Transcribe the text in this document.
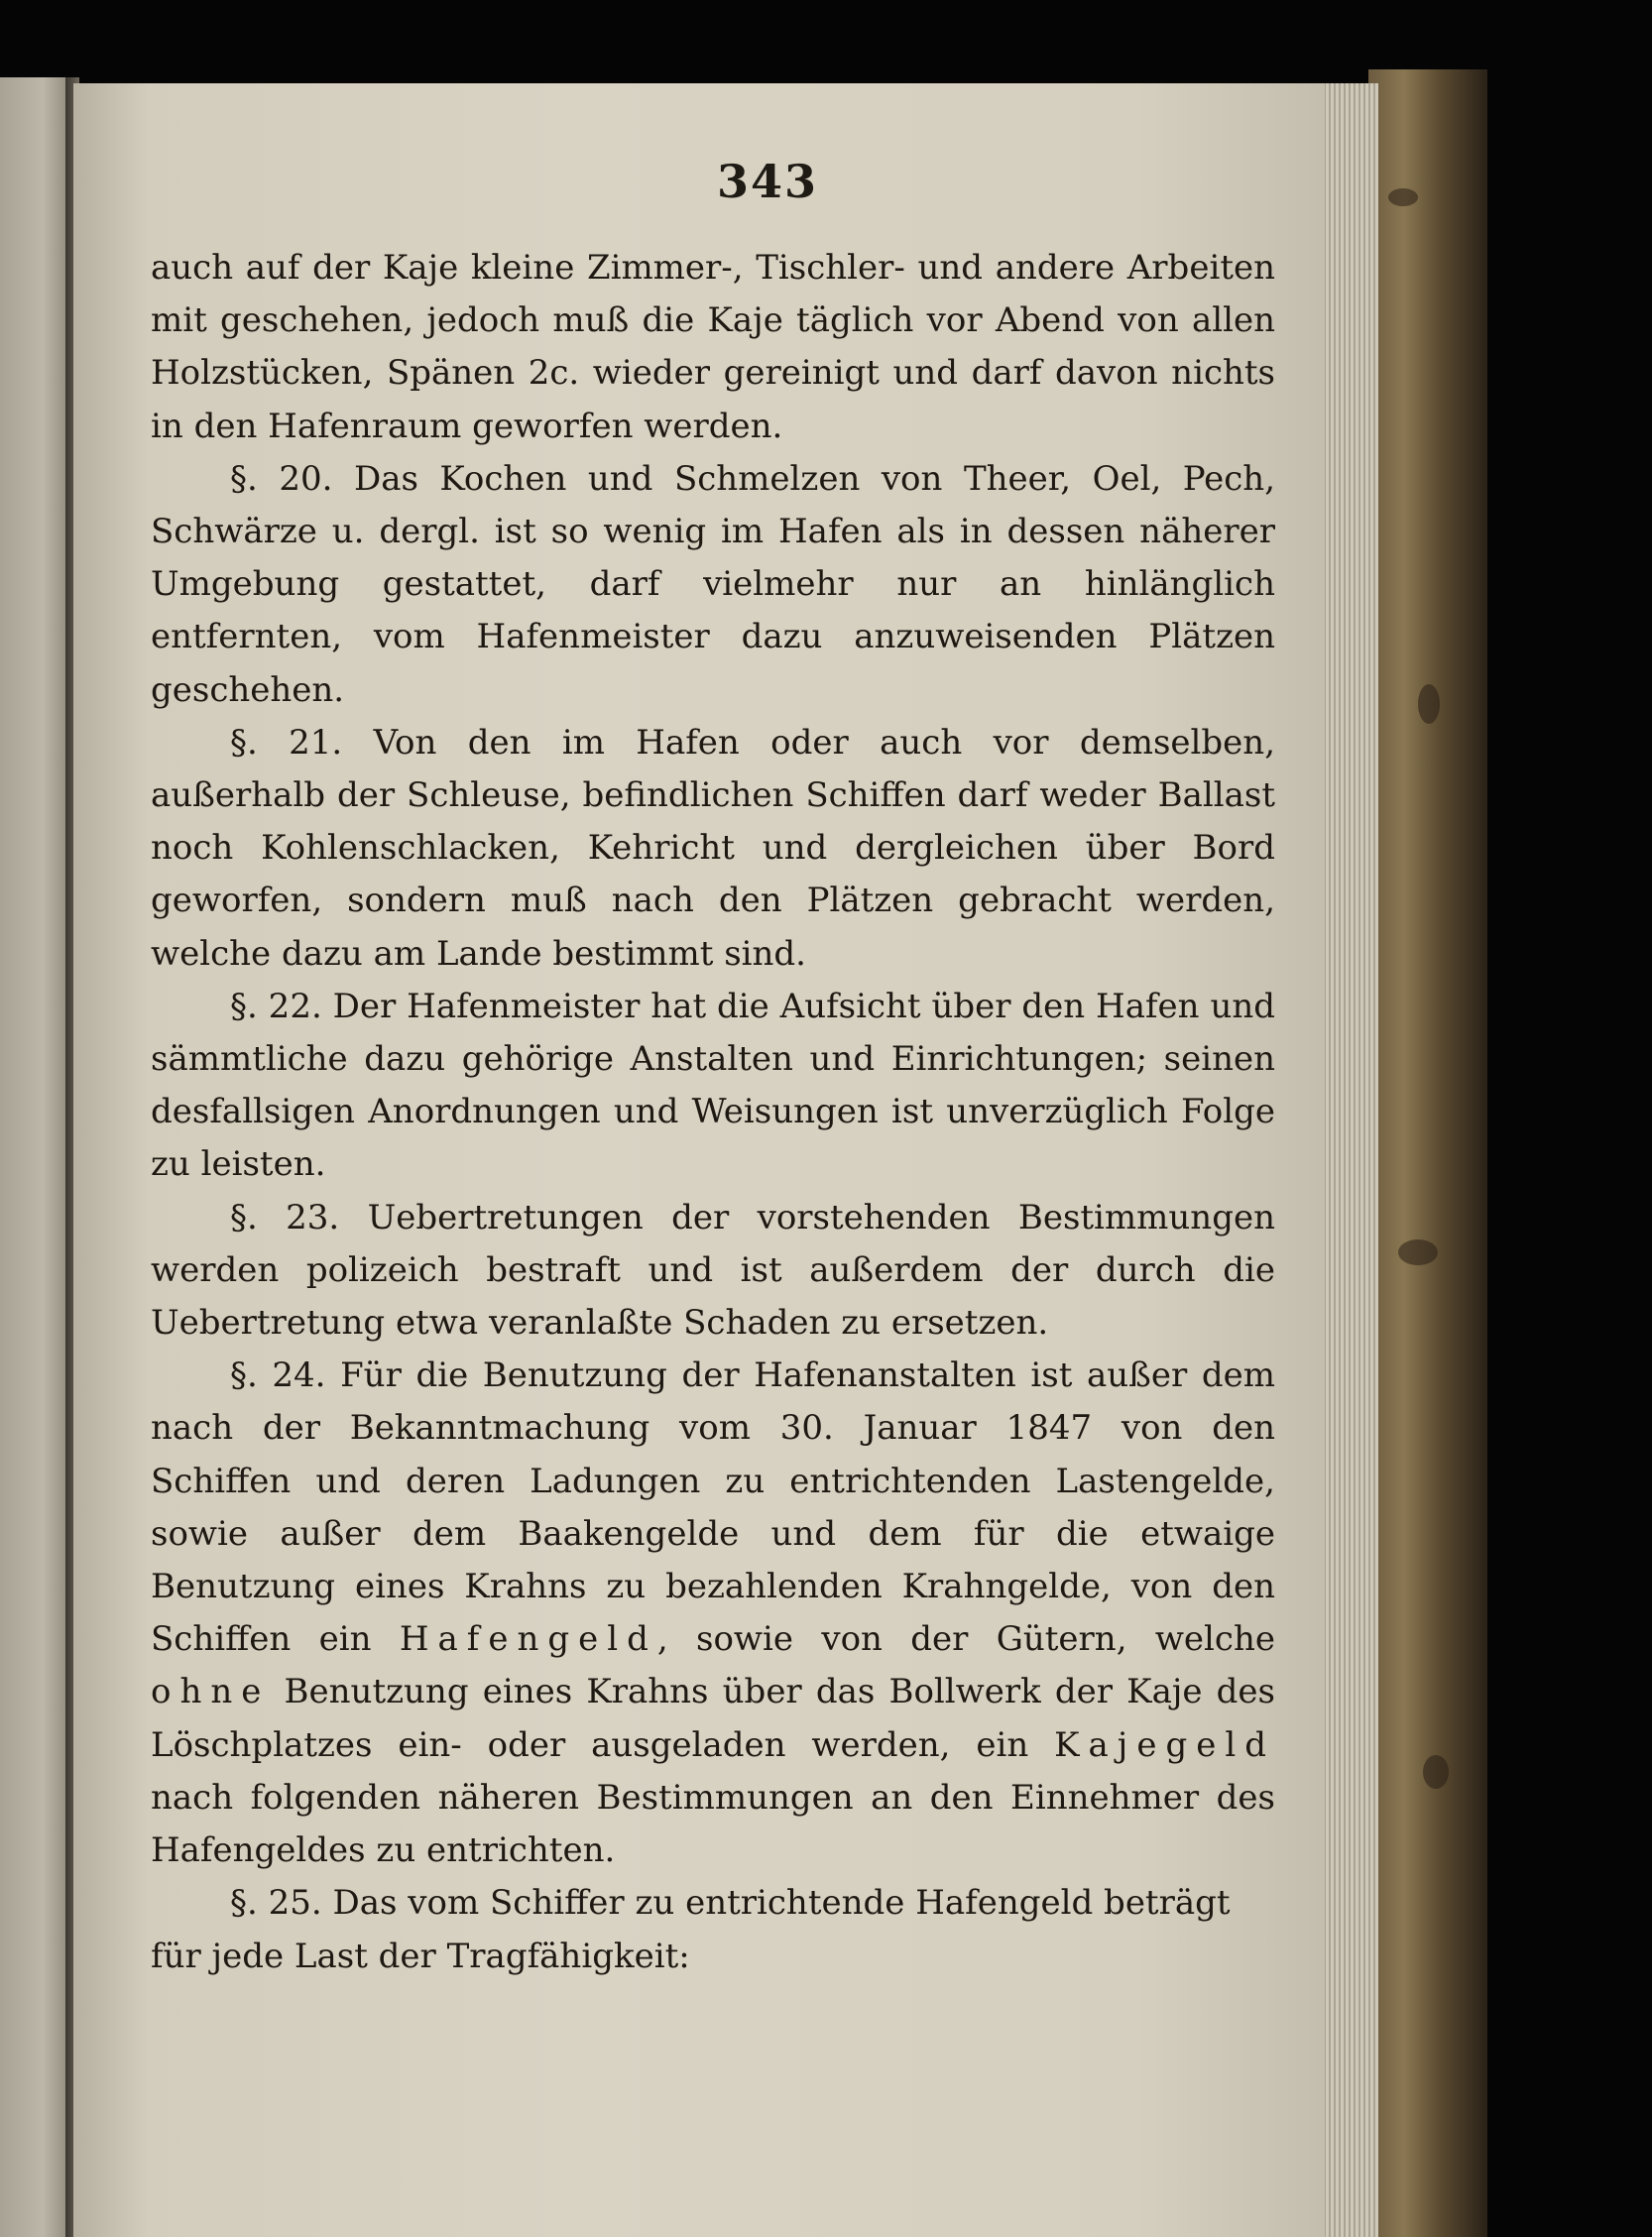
343

auch auf der Kaje kleine Zimmer-, Tischler- und andere Arbeiten mit geschehen, jedoch muß die Kaje täglich vor Abend von allen Holzstücken, Spänen 2c. wieder gereinigt und darf davon nichts in den Hafenraum geworfen werden.

§. 20. Das Kochen und Schmelzen von Theer, Oel, Pech, Schwärze u. dergl. ist so wenig im Hafen als in dessen näherer Umgebung gestattet, darf vielmehr nur an hinlänglich entfernten, vom Hafenmeister dazu anzuweisenden Plätzen geschehen.

§. 21. Von den im Hafen oder auch vor demselben, außerhalb der Schleuse, befindlichen Schiffen darf weder Ballast noch Kohlenschlacken, Kehricht und dergleichen über Bord geworfen, sondern muß nach den Plätzen gebracht werden, welche dazu am Lande bestimmt sind.

§. 22. Der Hafenmeister hat die Aufsicht über den Hafen und sämmtliche dazu gehörige Anstalten und Einrichtungen; seinen desfallsigen Anordnungen und Weisungen ist unverzüglich Folge zu leisten.

§. 23. Uebertretungen der vorstehenden Bestimmungen werden polizeich bestraft und ist außerdem der durch die Uebertretung etwa veranlaßte Schaden zu ersetzen.

§. 24. Für die Benutzung der Hafenanstalten ist außer dem nach der Bekanntmachung vom 30. Januar 1847 von den Schiffen und deren Ladungen zu entrichtenden Lastengelde, sowie außer dem Baakengelde und dem für die etwaige Benutzung eines Krahns zu bezahlenden Krahngelde, von den Schiffen ein Hafengeld, sowie von der Gütern, welche ohne Benutzung eines Krahns über das Bollwerk der Kaje des Löschplatzes ein- oder ausgeladen werden, ein Kajegeld nach folgenden näheren Bestimmungen an den Einnehmer des Hafengeldes zu entrichten.

§. 25. Das vom Schiffer zu entrichtende Hafengeld beträgt für jede Last der Tragfähigkeit:
